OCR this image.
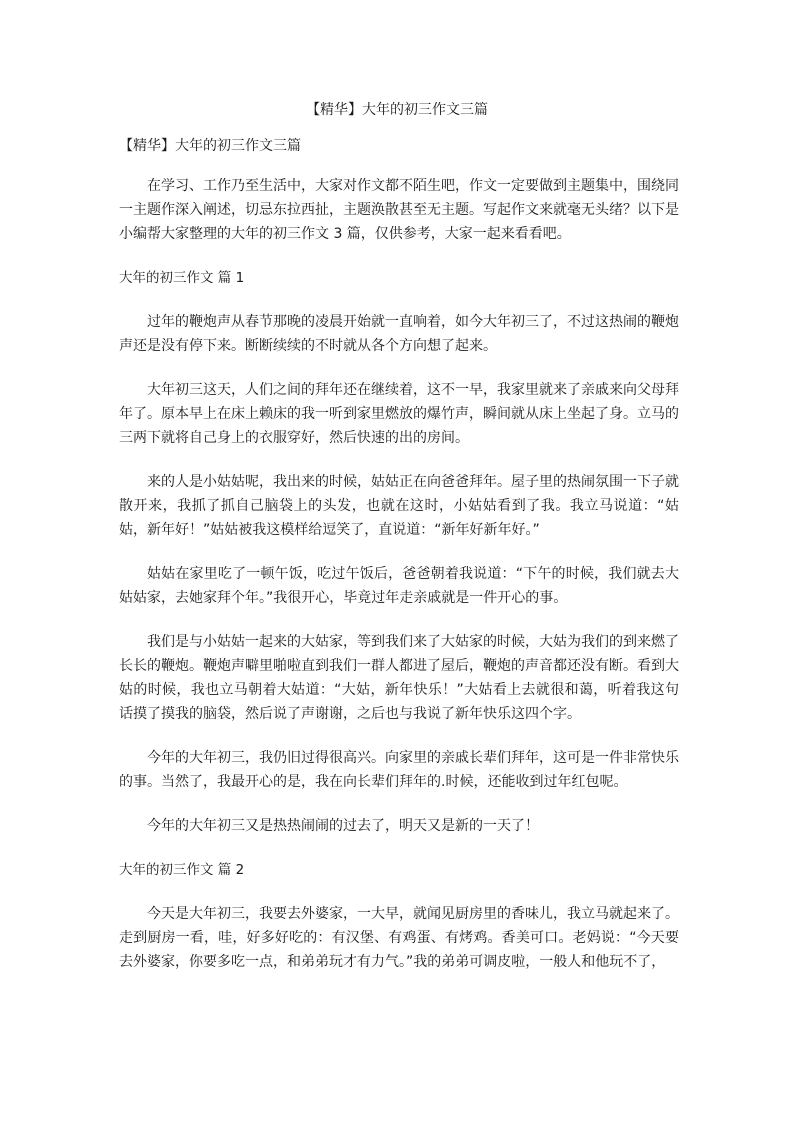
【精华】大年的初三作文三篇

【精华】大年的初三作文三篇

在学习、工作乃至生活中，大家对作文都不陌生吧，作文一定要做到主题集中，围绕同一主题作深入阐述，切忌东拉西扯，主题涣散甚至无主题。写起作文来就毫无头绪？以下是小编帮大家整理的大年的初三作文 3 篇，仅供参考，大家一起来看看吧。

大年的初三作文 篇 1

过年的鞭炮声从春节那晚的凌晨开始就一直响着，如今大年初三了，不过这热闹的鞭炮声还是没有停下来。断断续续的不时就从各个方向想了起来。

大年初三这天，人们之间的拜年还在继续着，这不一早，我家里就来了亲戚来向父母拜年了。原本早上在床上赖床的我一听到家里燃放的爆竹声，瞬间就从床上坐起了身。立马的三两下就将自己身上的衣服穿好，然后快速的出的房间。

来的人是小姑姑呢，我出来的时候，姑姑正在向爸爸拜年。屋子里的热闹氛围一下子就散开来，我抓了抓自己脑袋上的头发，也就在这时，小姑姑看到了我。我立马说道：“姑姑，新年好！”姑姑被我这模样给逗笑了，直说道：“新年好新年好。”

姑姑在家里吃了一顿午饭，吃过午饭后，爸爸朝着我说道：“下午的时候，我们就去大姑姑家，去她家拜个年。”我很开心，毕竟过年走亲戚就是一件开心的事。

我们是与小姑姑一起来的大姑家，等到我们来了大姑家的时候，大姑为我们的到来燃了长长的鞭炮。鞭炮声噼里啪啦直到我们一群人都进了屋后，鞭炮的声音都还没有断。看到大姑的时候，我也立马朝着大姑道：“大姑，新年快乐！”大姑看上去就很和蔼，听着我这句话摸了摸我的脑袋，然后说了声谢谢，之后也与我说了新年快乐这四个字。

今年的大年初三，我仍旧过得很高兴。向家里的亲戚长辈们拜年，这可是一件非常快乐的事。当然了，我最开心的是，我在向长辈们拜年的.时候，还能收到过年红包呢。

今年的大年初三又是热热闹闹的过去了，明天又是新的一天了！

大年的初三作文 篇 2

今天是大年初三，我要去外婆家，一大早，就闻见厨房里的香味儿，我立马就起来了。走到厨房一看，哇，好多好吃的：有汉堡、有鸡蛋、有烤鸡。香美可口。老妈说：“今天要去外婆家，你要多吃一点，和弟弟玩才有力气。”我的弟弟可调皮啦，一般人和他玩不了，
